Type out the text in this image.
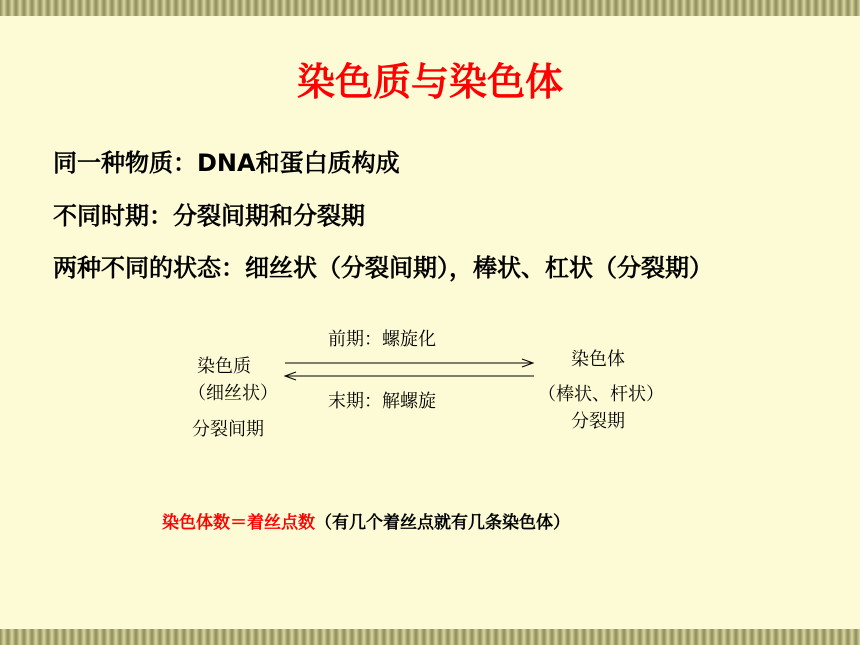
染色质与染色体

同一种物质：DNA和蛋白质构成

不同时期：分裂间期和分裂期

两种不同的状态：细丝状（分裂间期），棒状、杠状（分裂期）

染色质
（细丝状）
分裂间期
染色体
（棒状、杆状）
分裂期
前期：螺旋化
末期：解螺旋
染色体数＝着丝点数（有几个着丝点就有几条染色体）
